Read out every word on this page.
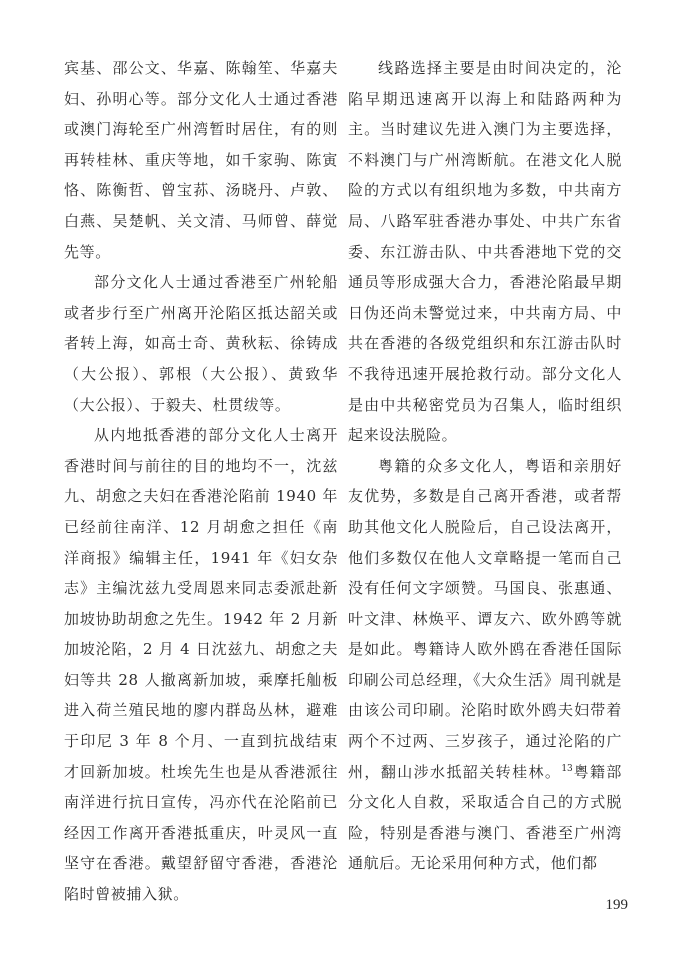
宾基、邵公文、华嘉、陈翰笙、华嘉夫妇、孙明心等。部分文化人士通过香港或澳门海轮至广州湾暂时居住，有的则再转桂林、重庆等地，如千家驹、陈寅恪、陈衡哲、曾宝荪、汤晓丹、卢敦、白燕、吴楚帆、关文清、马师曾、薛觉先等。

部分文化人士通过香港至广州轮船或者步行至广州离开沦陷区抵达韶关或者转上海，如高士奇、黄秋耘、徐铸成（大公报）、郭根（大公报）、黄致华（大公报）、于毅夫、杜贯绂等。

从内地抵香港的部分文化人士离开香港时间与前往的目的地均不一，沈兹九、胡愈之夫妇在香港沦陷前 1940 年已经前往南洋、12 月胡愈之担任《南洋商报》编辑主任，1941 年《妇女杂志》主编沈兹九受周恩来同志委派赴新加坡协助胡愈之先生。1942 年 2 月新加坡沦陷，2 月 4 日沈兹九、胡愈之夫妇等共 28 人撤离新加坡，乘摩托舢板进入荷兰殖民地的廖内群岛丛林，避难于印尼 3 年 8 个月、一直到抗战结束才回新加坡。杜埃先生也是从香港派往南洋进行抗日宣传，冯亦代在沦陷前已经因工作离开香港抵重庆，叶灵风一直坚守在香港。戴望舒留守香港，香港沦陷时曾被捕入狱。

线路选择主要是由时间决定的，沦陷早期迅速离开以海上和陆路两种为主。当时建议先进入澳门为主要选择，不料澳门与广州湾断航。在港文化人脱险的方式以有组织地为多数，中共南方局、八路军驻香港办事处、中共广东省委、东江游击队、中共香港地下党的交通员等形成强大合力，香港沦陷最早期日伪还尚未警觉过来，中共南方局、中共在香港的各级党组织和东江游击队时不我待迅速开展抢救行动。部分文化人是由中共秘密党员为召集人，临时组织起来设法脱险。

粤籍的众多文化人，粤语和亲朋好友优势，多数是自己离开香港，或者帮助其他文化人脱险后，自己设法离开，他们多数仅在他人文章略提一笔而自己没有任何文字颂赞。马国良、张惠通、叶文津、林焕平、谭友六、欧外鸥等就是如此。粤籍诗人欧外鸥在香港任国际印刷公司总经理，《大众生活》周刊就是由该公司印刷。沦陷时欧外鸥夫妇带着两个不过两、三岁孩子，通过沦陷的广州，翻山涉水抵韶关转桂林。$^{13}$粤籍部分文化人自救，采取适合自己的方式脱险，特别是香港与澳门、香港至广州湾通航后。无论采用何种方式，他们都

199
